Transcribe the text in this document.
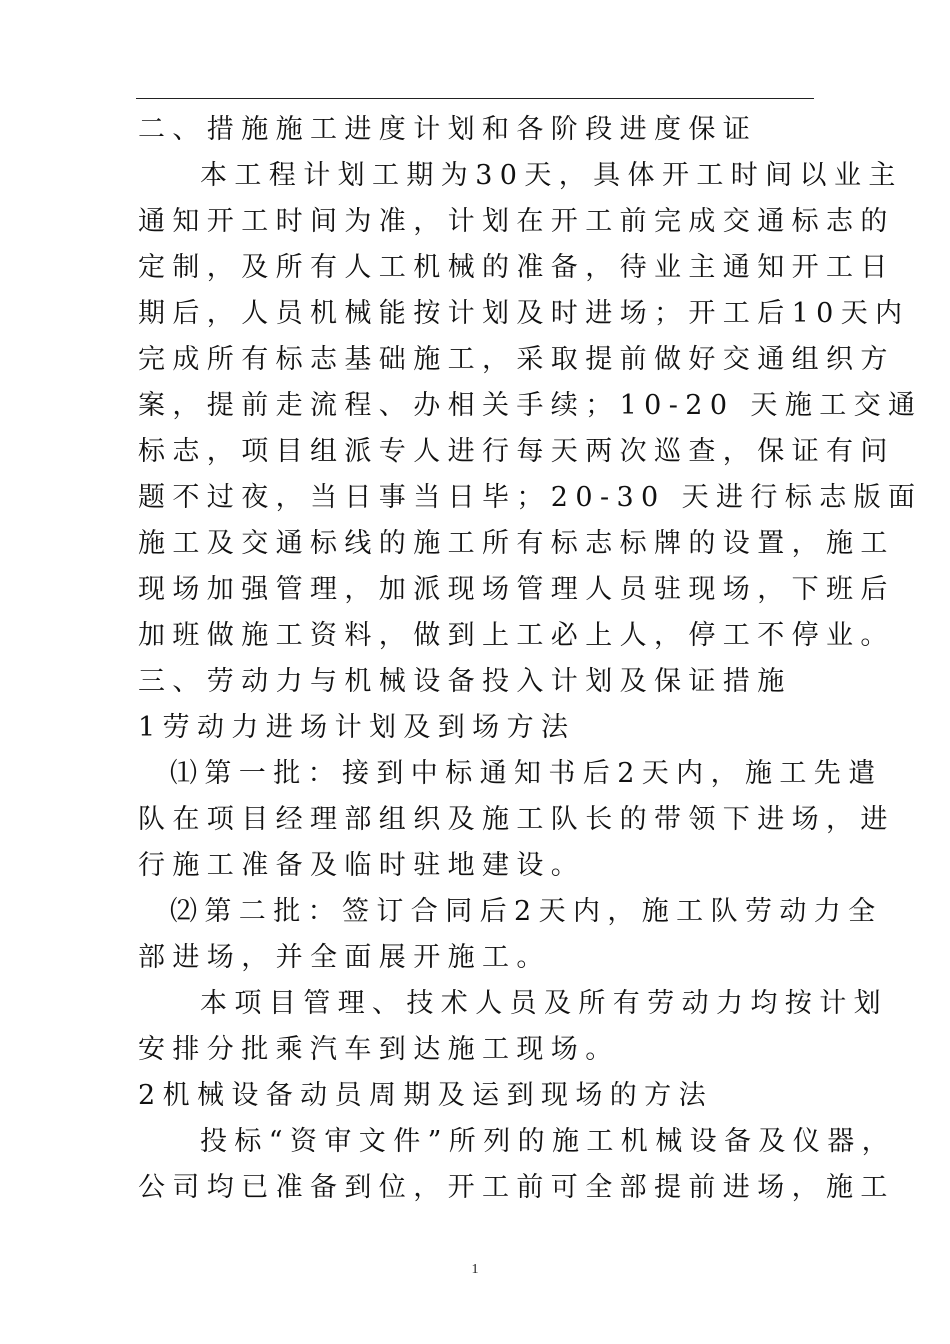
二、措施施工进度计划和各阶段进度保证
本工程计划工期为30天，具体开工时间以业主
通知开工时间为准，计划在开工前完成交通标志的
定制，及所有人工机械的准备，待业主通知开工日
期后，人员机械能按计划及时进场；开工后10天内
完成所有标志基础施工，采取提前做好交通组织方
案，提前走流程、办相关手续；10-20 天施工交通
标志，项目组派专人进行每天两次巡查，保证有问
题不过夜，当日事当日毕；20-30 天进行标志版面
施工及交通标线的施工所有标志标牌的设置，施工
现场加强管理，加派现场管理人员驻现场，下班后
加班做施工资料，做到上工必上人，停工不停业。
三、劳动力与机械设备投入计划及保证措施
1劳动力进场计划及到场方法
⑴第一批：接到中标通知书后2天内，施工先遣
队在项目经理部组织及施工队长的带领下进场，进
行施工准备及临时驻地建设。
⑵第二批：签订合同后2天内，施工队劳动力全
部进场，并全面展开施工。
本项目管理、技术人员及所有劳动力均按计划
安排分批乘汽车到达施工现场。
2机械设备动员周期及运到现场的方法
投标“资审文件”所列的施工机械设备及仪器，
公司均已准备到位，开工前可全部提前进场，施工
1
